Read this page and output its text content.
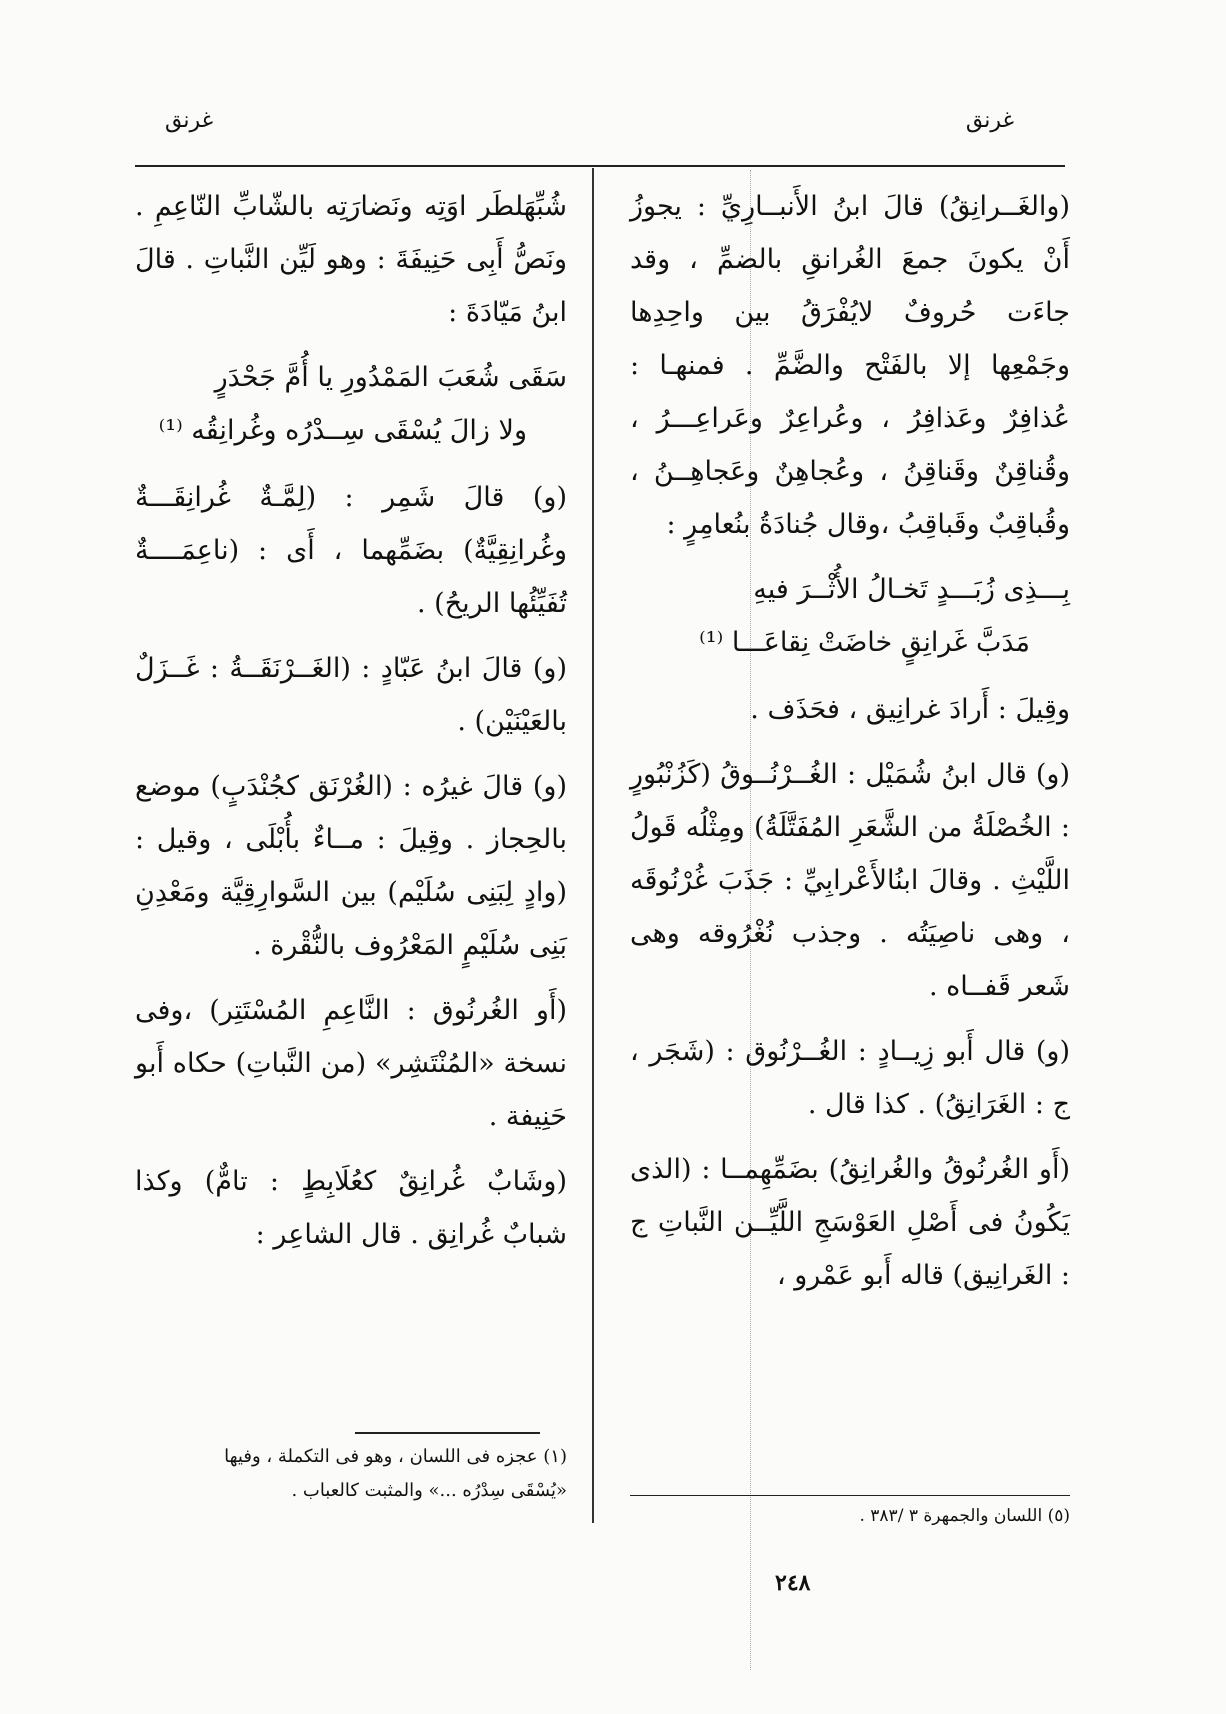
غرنق
غرنق

(والغَــرانِقُ) قالَ ابنُ الأَنبــارِيِّ : يجوزُ أَنْ يكونَ جمعَ الغُرانقِ بالضمِّ ، وقد جاءَت حُروفٌ لايُفْرَقُ بين واحِدِها وجَمْعِها إلا بالفَتْح والضَّمِّ . فمنهـا : عُذافِرٌ وعَذافِرُ ، وعُراعِرٌ وعَراعِـــرُ ، وقُناقِنٌ وقَناقِنُ ، وعُجاهِنٌ وعَجاهِــنُ ، وقُباقِبٌ وقَباقِبُ ،وقال جُنادَةُ بنُعامِرٍ :

بِـــذِى زُبَـــدٍ تَخـالُ الأُثْــرَ فيهِ
مَدَبَّ غَرانِقٍ خاضَتْ نِقاعَـــا ⁽¹⁾

وقِيلَ : أَرادَ غرانِيق ، فحَذَف .

(و) قال ابنُ شُمَيْل : الغُــرْنُــوقُ (كَزُنْبُورٍ : الخُصْلَةُ من الشَّعَرِ المُفَتَّلَةُ) ومِثْلُه قَولُ اللَّيْثِ . وقالَ ابنُالأَعْرابِيِّ : جَذَبَ غُرْنُوقَه ، وهى ناصِيَتُه . وجذب نُغْرُوقه وهى شَعر قَفــاه .

(و) قال أَبو زِيــادٍ : الغُــرْنُوق : (شَجَر ، ج : الغَرَانِقُ) . كذا قال .

(أَو الغُرنُوقُ والغُرانِقُ) بضَمِّهِمــا : (الذى يَكُونُ فى أَصْلِ العَوْسَجِ اللَّيِّــن النَّباتِ ج : الغَرانِيق) قاله أَبو عَمْرو ،

شُبِّهَلطَر اوَتِه ونَضارَتِه بالشّابِّ النّاعِمِ . ونَصُّ أَبِى حَنِيفَةَ : وهو لَيِّن النَّباتِ . قالَ ابنُ مَيّادَةَ :

سَقَى شُعَبَ المَمْدُورِ يا أُمَّ جَحْدَرٍ
ولا زالَ يُسْقَى سِــدْرُه وغُرانِقُه ⁽¹⁾

(و) قالَ شَمِر : (لِمَّـةٌ غُرانِقَـــةٌ وغُرانِقِيَّةٌ) بضَمِّهما ، أَى : (ناعِمَــــةٌ تُفَيِّئُها الريحُ) .

(و) قالَ ابنُ عَبّادٍ : (الغَــرْنَقَــةُ : غَــزَلٌ بالعَيْنَيْن) .

(و) قالَ غيرُه : (الغُرْنَق كجُنْدَبٍ) موضع بالحِجاز . وقِيلَ : مــاءٌ بأُبْلَى ، وقيل : (وادٍ لِبَنِى سُلَيْم) بين السَّوارِقِيَّة ومَعْدِنِ بَنِى سُلَيْمٍ المَعْرُوف بالنُّقْرة .

(أَو الغُرنُوق : النَّاعِمِ المُسْتَتِر) ،وفى نسخة «المُنْتَشِر» (من النَّباتِ) حكاه أَبو حَنِيفة .

(وشَابٌ غُرانِقٌ كعُلَابِطٍ : تامٌّ) وكذا شبابٌ غُرانِق . قال الشاعِر :

(١) عجزه فى اللسان ، وهو فى التكملة ، وفيها
«يُسْقَى سِدْرُه ...» والمثبت كالعباب .
(٥) اللسان والجمهرة ٣ /٣٨٣ .
٢٤٨
